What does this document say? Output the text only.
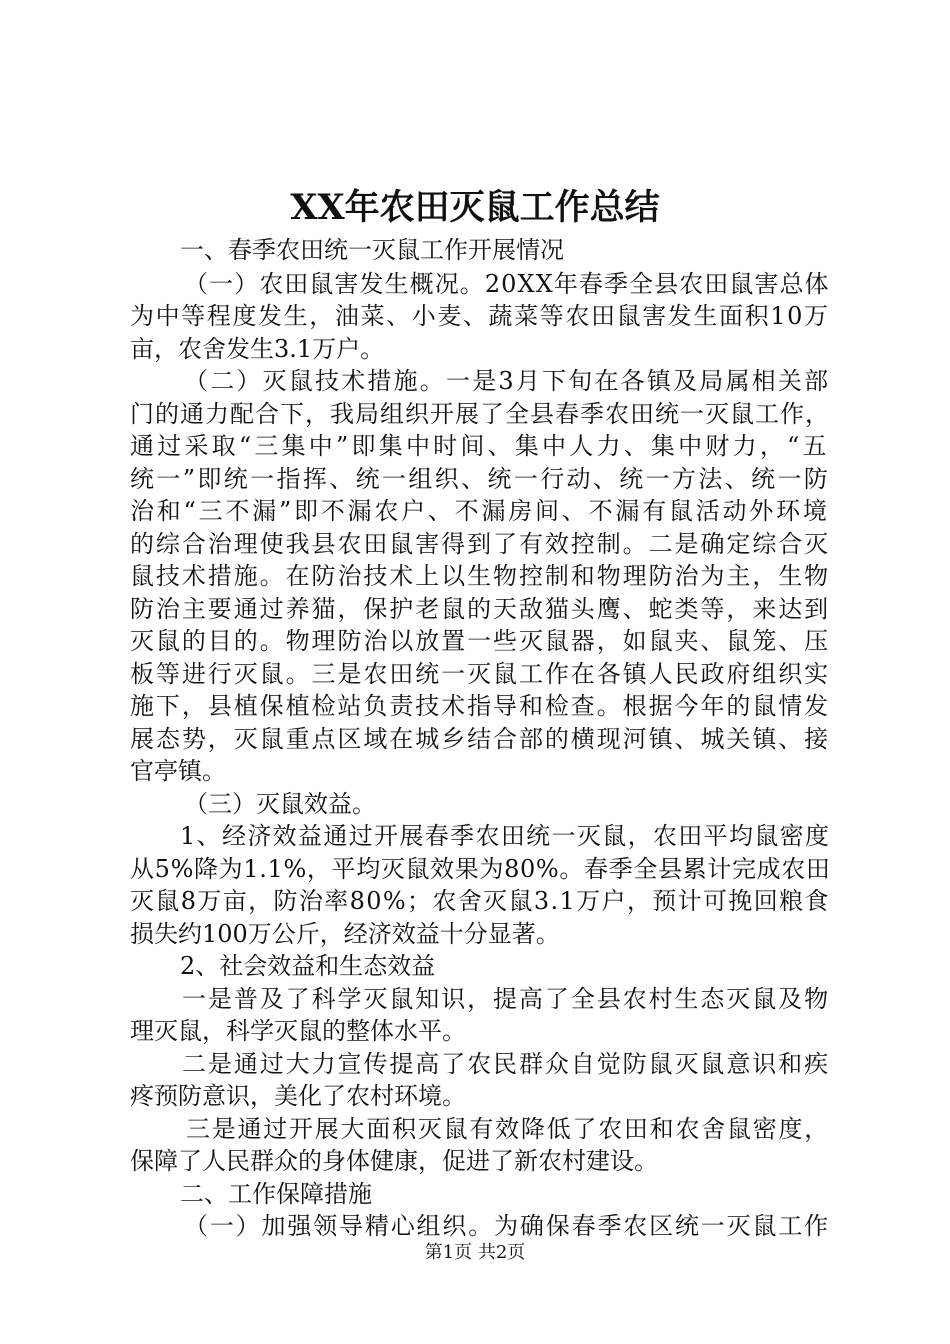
XX年农田灭鼠工作总结
一、春季农田统一灭鼠工作开展情况
（一）农田鼠害发生概况。20XX年春季全县农田鼠害总体
为中等程度发生，油菜、小麦、蔬菜等农田鼠害发生面积10万
亩，农舍发生3.1万户。
（二）灭鼠技术措施。一是3月下旬在各镇及局属相关部
门的通力配合下，我局组织开展了全县春季农田统一灭鼠工作，
通过采取“三集中”即集中时间、集中人力、集中财力，“五
统一”即统一指挥、统一组织、统一行动、统一方法、统一防
治和“三不漏”即不漏农户、不漏房间、不漏有鼠活动外环境
的综合治理使我县农田鼠害得到了有效控制。二是确定综合灭
鼠技术措施。在防治技术上以生物控制和物理防治为主，生物
防治主要通过养猫，保护老鼠的天敌猫头鹰、蛇类等，来达到
灭鼠的目的。物理防治以放置一些灭鼠器，如鼠夹、鼠笼、压
板等进行灭鼠。三是农田统一灭鼠工作在各镇人民政府组织实
施下，县植保植检站负责技术指导和检查。根据今年的鼠情发
展态势，灭鼠重点区域在城乡结合部的横现河镇、城关镇、接
官亭镇。
（三）灭鼠效益。
1、经济效益通过开展春季农田统一灭鼠，农田平均鼠密度
从5%降为1.1%，平均灭鼠效果为80%。春季全县累计完成农田
灭鼠8万亩，防治率80%；农舍灭鼠3.1万户，预计可挽回粮食
损失约100万公斤，经济效益十分显著。
2、社会效益和生态效益
一是普及了科学灭鼠知识，提高了全县农村生态灭鼠及物
理灭鼠，科学灭鼠的整体水平。
二是通过大力宣传提高了农民群众自觉防鼠灭鼠意识和疾
疼预防意识，美化了农村环境。
三是通过开展大面积灭鼠有效降低了农田和农舍鼠密度，
保障了人民群众的身体健康，促进了新农村建设。
二、工作保障措施
（一）加强领导精心组织。为确保春季农区统一灭鼠工作
第1页 共2页
